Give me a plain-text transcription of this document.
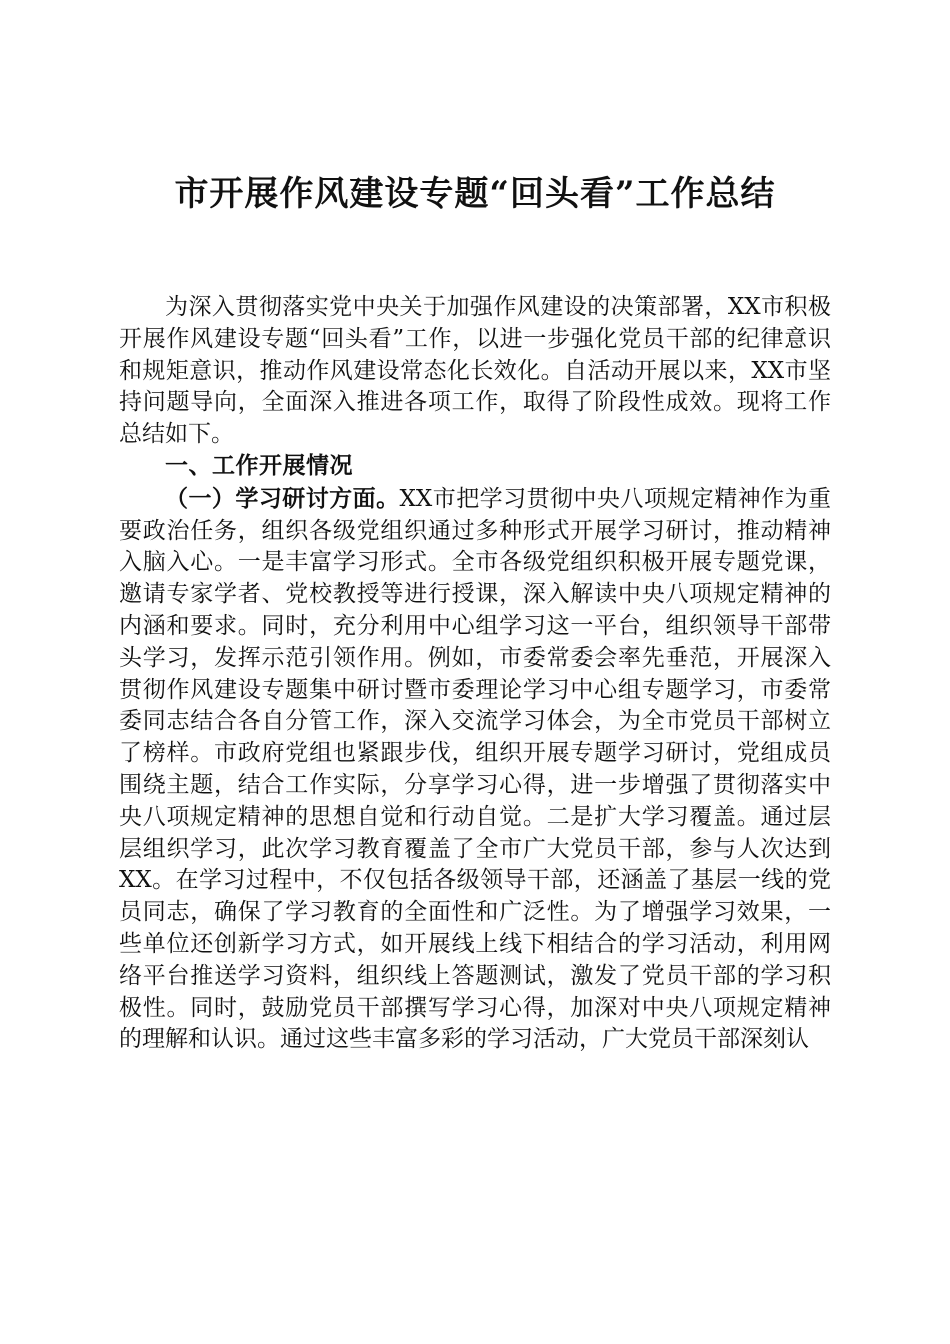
市开展作风建设专题“回头看”工作总结

为深入贯彻落实党中央关于加强作风建设的决策部署，XX市积极开展作风建设专题“回头看”工作，以进一步强化党员干部的纪律意识和规矩意识，推动作风建设常态化长效化。自活动开展以来，XX市坚持问题导向，全面深入推进各项工作，取得了阶段性成效。现将工作总结如下。

一、工作开展情况

（一）学习研讨方面。XX市把学习贯彻中央八项规定精神作为重要政治任务，组织各级党组织通过多种形式开展学习研讨，推动精神入脑入心。一是丰富学习形式。全市各级党组织积极开展专题党课，邀请专家学者、党校教授等进行授课，深入解读中央八项规定精神的内涵和要求。同时，充分利用中心组学习这一平台，组织领导干部带头学习，发挥示范引领作用。例如，市委常委会率先垂范，开展深入贯彻作风建设专题集中研讨暨市委理论学习中心组专题学习，市委常委同志结合各自分管工作，深入交流学习体会，为全市党员干部树立了榜样。市政府党组也紧跟步伐，组织开展专题学习研讨，党组成员围绕主题，结合工作实际，分享学习心得，进一步增强了贯彻落实中央八项规定精神的思想自觉和行动自觉。二是扩大学习覆盖。通过层层组织学习，此次学习教育覆盖了全市广大党员干部，参与人次达到XX。在学习过程中，不仅包括各级领导干部，还涵盖了基层一线的党员同志，确保了学习教育的全面性和广泛性。为了增强学习效果，一些单位还创新学习方式，如开展线上线下相结合的学习活动，利用网络平台推送学习资料，组织线上答题测试，激发了党员干部的学习积极性。同时，鼓励党员干部撰写学习心得，加深对中央八项规定精神的理解和认识。通过这些丰富多彩的学习活动，广大党员干部深刻认
